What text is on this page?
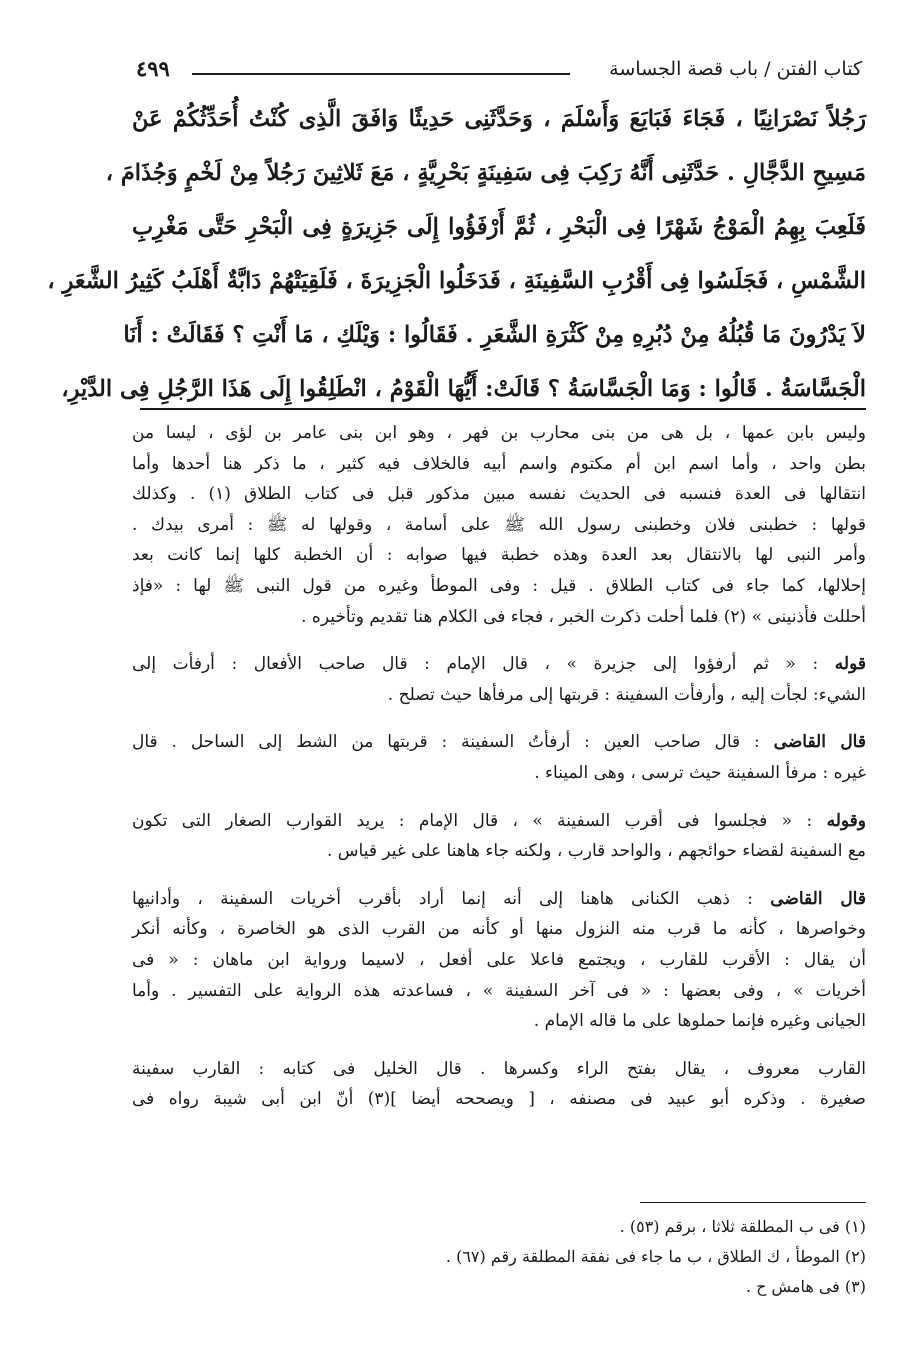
كتاب الفتن / باب قصة الجساسة
٤٩٩
رَجُلاً نَصْرَانِيًا ، فَجَاءَ فَبَايَعَ وَأَسْلَمَ ، وَحَدَّثَنِى حَدِيثًا وَافَقَ الَّذِى كُنْتُ أُحَدِّثُكُمْ عَنْ
مَسِيحِ الدَّجَّالِ . حَدَّثَنِى أَنَّهُ رَكِبَ فِى سَفِينَةٍ بَحْرِيَّةٍ ، مَعَ ثَلاثِينَ رَجُلاً مِنْ لَخْمٍ وَجُذَامَ ،
فَلَعِبَ بِهِمُ الْمَوْجُ شَهْرًا فِى الْبَحْرِ ، ثُمَّ أَرْفَؤُوا إِلَى جَزِيرَةٍ فِى الْبَحْرِ حَتَّى مَغْرِبِ
الشَّمْسِ ، فَجَلَسُوا فِى أَقْرُبِ السَّفِينَةِ ، فَدَخَلُوا الْجَزِيرَةَ ، فَلَقِيَتْهُمْ دَابَّةٌ أَهْلَبُ كَثِيرُ الشَّعَرِ ،
لاَ يَدْرُونَ مَا قُبُلُهُ مِنْ دُبُرِهِ مِنْ كَثْرَةِ الشَّعَرِ . فَقَالُوا : وَيْلَكِ ، مَا أَنْتِ ؟ فَقَالَتْ : أَنَا
الْجَسَّاسَةُ . قَالُوا : وَمَا الْجَسَّاسَةُ ؟ قَالَتْ: أَيُّهَا الْقَوْمُ ، انْطَلِقُوا إِلَى هَذَا الرَّجُلِ فِى الدَّيْرِ،
وليس بابن عمها ، بل هى من بنى محارب بن فهر ، وهو ابن بنى عامر بن لؤى ، ليسا من
بطن واحد ، وأما اسم ابن أم مكتوم واسم أبيه فالخلاف فيه كثير ، ما ذكر هنا أحدها وأما
انتقالها فى العدة فنسبه فى الحديث نفسه مبين مذكور قبل فى كتاب الطلاق (١) . وكذلك
قولها : خطبنى فلان وخطبنى رسول الله ﷺ على أسامة ، وقولها له ﷺ : أمرى بيدك .
وأمر النبى لها بالانتقال بعد العدة وهذه خطبة فيها صوابه : أن الخطبة كلها إنما كانت بعد
إحلالها، كما جاء فى كتاب الطلاق . قيل : وفى الموطأ وغيره من قول النبى ﷺ لها : «فإذ
أحللت فأذنينى » (٢) فلما أحلت ذكرت الخبر ، فجاء فى الكلام هنا تقديم وتأخيره .
قوله : « ثم أرفؤوا إلى جزيرة » ، قال الإمام : قال صاحب الأفعال : أرفأت إلى
الشيء: لجأت إليه ، وأرفأت السفينة : قربتها إلى مرفأها حيث تصلح .
قال القاضى : قال صاحب العين : أرفأتُ السفينة : قربتها من الشط إلى الساحل . قال
غيره : مرفأ السفينة حيث ترسى ، وهى الميناء .
وقوله : « فجلسوا فى أقرب السفينة » ، قال الإمام : يريد القوارب الصغار التى تكون
مع السفينة لقضاء حوائجهم ، والواحد قارب ، ولكنه جاء هاهنا على غير قياس .
قال القاضى : ذهب الكنانى هاهنا إلى أنه إنما أراد بأقرب أخريات السفينة ، وأدانيها
وخواصرها ، كأنه ما قرب منه النزول منها أو كأنه من القرب الذى هو الخاصرة ، وكأنه أنكر
أن يقال : الأقرب للقارب ، ويجتمع فاعلا على أفعل ، لاسيما ورواية ابن ماهان : « فى
أخريات » ، وفى بعضها : « فى آخر السفينة » ، فساعدته هذه الرواية على التفسير . وأما
الجيانى وغيره فإنما حملوها على ما قاله الإمام .
القارب معروف ، يقال بفتح الراء وكسرها . قال الخليل فى كتابه : القارب سفينة
صغيرة . وذكره أبو عبيد فى مصنفه ، [ ويصححه أيضا ](٣) أنّ ابن أبى شيبة رواه فى
(١) فى ب المطلقة ثلاثا ، برقم (٥٣) .
(٢) الموطأ ، ك الطلاق ، ب ما جاء فى نفقة المطلقة رقم (٦٧) .
(٣) فى هامش ح .
